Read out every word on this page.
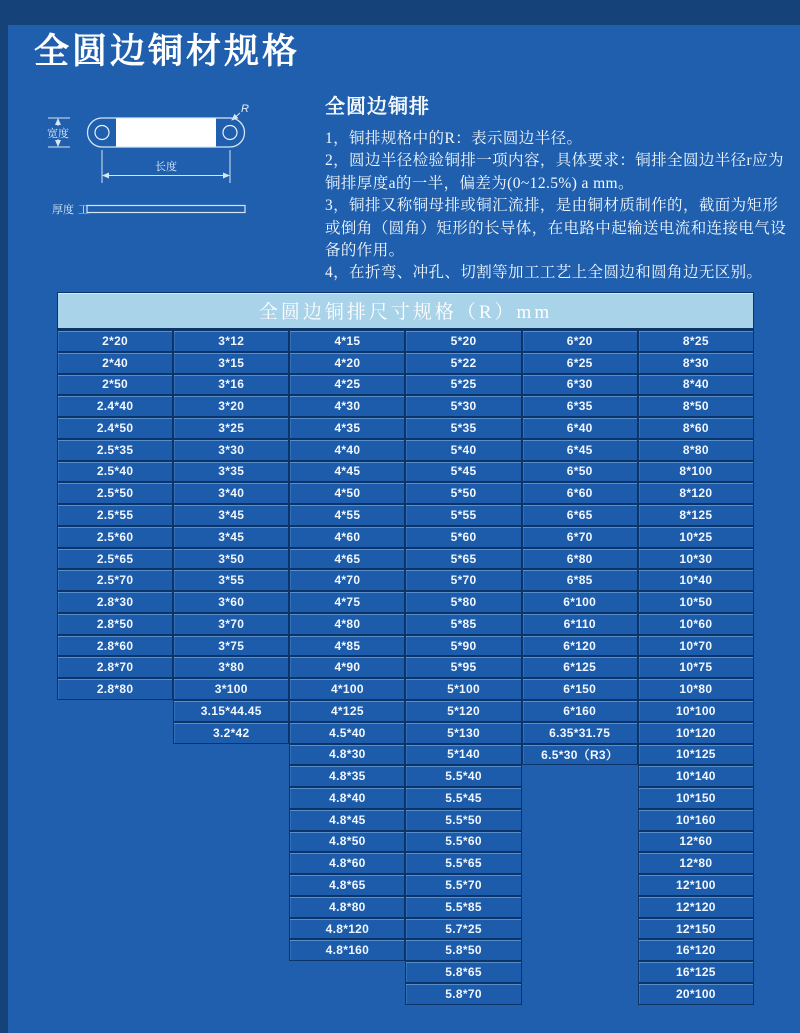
全圆边铜材规格
宽度
长度
R
厚度 工
全圆边铜排

1，铜排规格中的R：表示圆边半径。

2，圆边半径检验铜排一项内容，具体要求：铜排全圆边半径r应为铜排厚度a的一半，偏差为(0~12.5%) a mm。

3，铜排又称铜母排或铜汇流排，是由铜材质制作的，截面为矩形或倒角（圆角）矩形的长导体，在电路中起输送电流和连接电气设备的作用。

4，在折弯、冲孔、切割等加工工艺上全圆边和圆角边无区别。

全圆边铜排尺寸规格（R）mm
2*20
2*40
2*50
2.4*40
2.4*50
2.5*35
2.5*40
2.5*50
2.5*55
2.5*60
2.5*65
2.5*70
2.8*30
2.8*50
2.8*60
2.8*70
2.8*80
3*12
3*15
3*16
3*20
3*25
3*30
3*35
3*40
3*45
3*45
3*50
3*55
3*60
3*70
3*75
3*80
3*100
3.15*44.45
3.2*42
4*15
4*20
4*25
4*30
4*35
4*40
4*45
4*50
4*55
4*60
4*65
4*70
4*75
4*80
4*85
4*90
4*100
4*125
4.5*40
4.8*30
4.8*35
4.8*40
4.8*45
4.8*50
4.8*60
4.8*65
4.8*80
4.8*120
4.8*160
5*20
5*22
5*25
5*30
5*35
5*40
5*45
5*50
5*55
5*60
5*65
5*70
5*80
5*85
5*90
5*95
5*100
5*120
5*130
5*140
5.5*40
5.5*45
5.5*50
5.5*60
5.5*65
5.5*70
5.5*85
5.7*25
5.8*50
5.8*65
5.8*70
6*20
6*25
6*30
6*35
6*40
6*45
6*50
6*60
6*65
6*70
6*80
6*85
6*100
6*110
6*120
6*125
6*150
6*160
6.35*31.75
6.5*30（R3）
8*25
8*30
8*40
8*50
8*60
8*80
8*100
8*120
8*125
10*25
10*30
10*40
10*50
10*60
10*70
10*75
10*80
10*100
10*120
10*125
10*140
10*150
10*160
12*60
12*80
12*100
12*120
12*150
16*120
16*125
20*100
